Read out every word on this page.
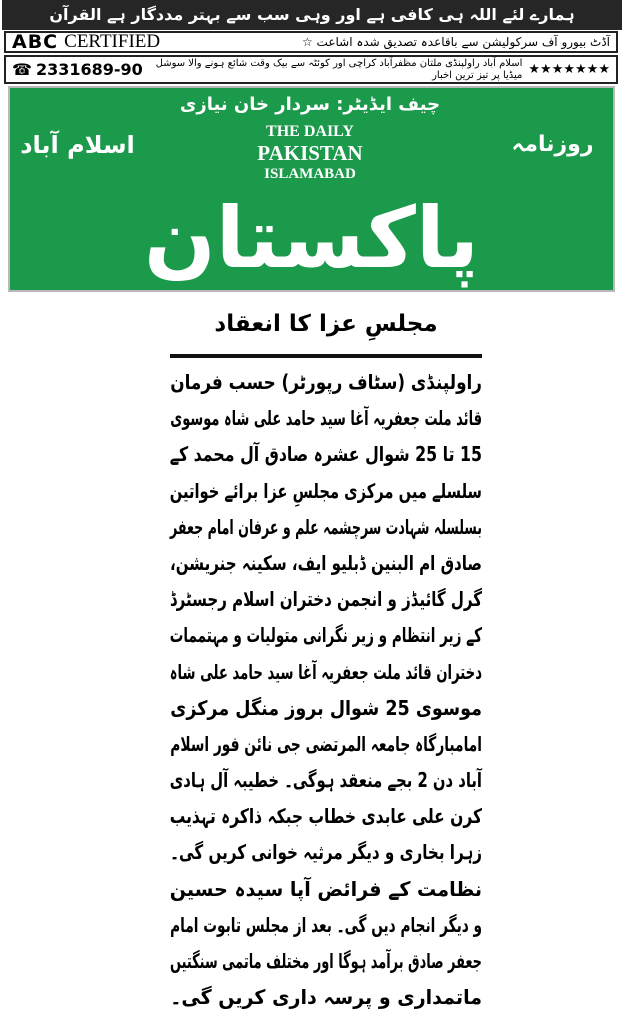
ہمارے لئے اللہ ہی کافی ہے اور وہی سب سے بہتر مددگار ہے القرآن
ABC CERTIFIED	آڈٹ بیورو آف سرکولیشن سے باقاعدہ تصدیق شدہ اشاعت ☆
☎ 2331689-90	★★★★★★★
اسلام آباد راولپنڈی ملتان مظفرآباد کراچی اور کوئٹہ سے بیک وقت شائع ہونے والا سوشل میڈیا پر تیز ترین اخبار
چیف ایڈیٹر: سردار خان نیازی
اسلام آباد	روزنامہ
THE DAILY
PAKISTAN
ISLAMABAD
پاکستان
مجلسِ عزا کا انعقاد
راولپنڈی (سٹاف رپورٹر) حسب فرمان
قائد ملت جعفریہ آغا سید حامد علی شاہ موسوی
15 تا 25 شوال عشرہ صادق آل محمد کے
سلسلے میں مرکزی مجلسِ عزا برائے خواتین
بسلسلہ شہادت سرچشمہ علم و عرفان امام جعفر
صادق ام البنین ڈبلیو ایف، سکینہ جنریشن،
گرل گائیڈز و انجمن دختران اسلام رجسٹرڈ
کے زیر انتظام و زیر نگرانی متولیات و مہتممات
دختران قائد ملت جعفریہ آغا سید حامد علی شاہ
موسوی 25 شوال بروز منگل مرکزی
امامبارگاہ جامعہ المرتضی جی نائن فور اسلام
آباد دن 2 بجے منعقد ہوگی۔ خطیبہ آل ہادی
کرن علی عابدی خطاب جبکہ ذاکرہ تہذیب
زہرا بخاری و دیگر مرثیہ خوانی کریں گی۔
نظامت کے فرائض آپا سیدہ حسین
و دیگر انجام دیں گی۔ بعد از مجلس تابوت امام
جعفر صادق برآمد ہوگا اور مختلف ماتمی سنگتیں
ماتمداری و پرسہ داری کریں گی۔
